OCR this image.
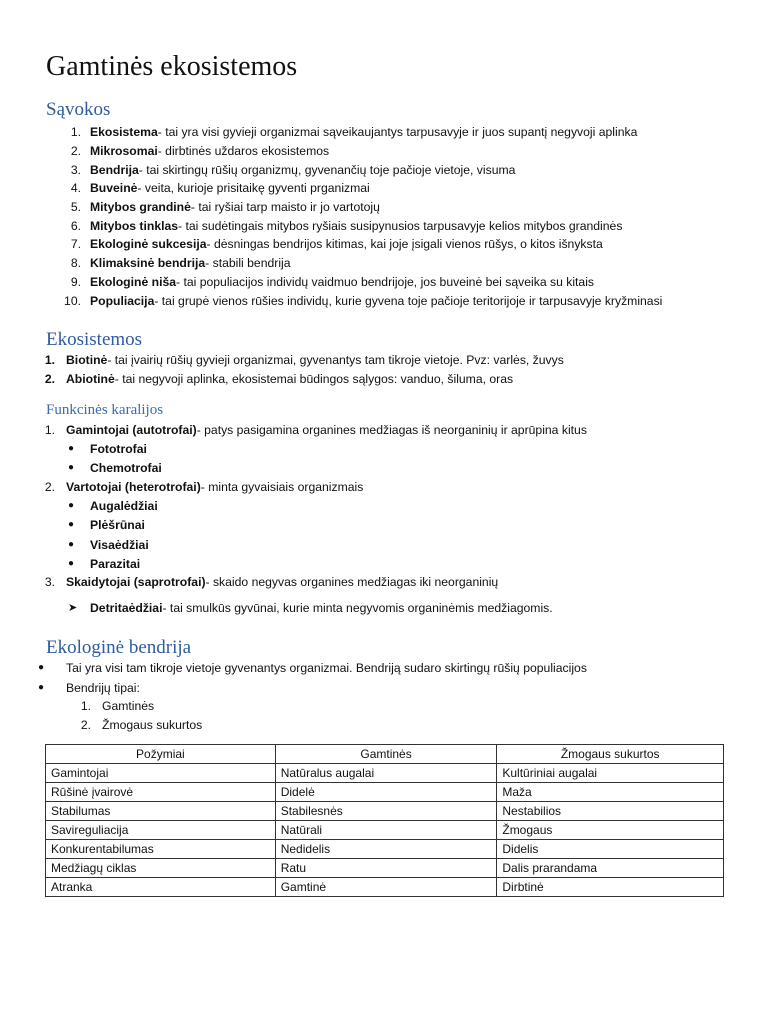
Gamtinės ekosistemos
Sąvokos
1. Ekosistema- tai yra visi gyvieji organizmai sąveikaujantys tarpusavyje ir juos supantį negyvoji aplinka
2. Mikrosomai- dirbtinės uždaros ekosistemos
3. Bendrija- tai skirtingų rūšių organizmų, gyvenančių toje pačioje vietoje, visuma
4. Buveinė- veita, kurioje prisitaikę gyventi prganizmai
5. Mitybos grandinė- tai ryšiai tarp maisto ir jo vartotojų
6. Mitybos tinklas- tai sudėtingais mitybos ryšiais susipynusios tarpusavyje kelios mitybos grandinės
7. Ekologinė sukcesija- dėsningas bendrijos kitimas, kai joje įsigali vienos rūšys, o kitos išnyksta
8. Klimaksinė bendrija- stabili bendrija
9. Ekologinė niša- tai populiacijos individų vaidmuo bendrijoje, jos buveinė bei sąveika su kitais
10. Populiacija- tai grupė vienos rūšies individų, kurie gyvena toje pačioje teritorijoje ir tarpusavyje kryžminasi
Ekosistemos
1. Biotinė- tai įvairių rūšių gyvieji organizmai, gyvenantys tam tikroje vietoje. Pvz: varlės, žuvys
2. Abiotinė- tai negyvoji aplinka, ekosistemai būdingos sąlygos: vanduo, šiluma, oras
Funkcinės karalijos
1. Gamintojai (autotrofai)- patys pasigamina organines medžiagas iš neorganinių ir aprūpina kitus
● Fototrofai
● Chemotrofai
2. Vartotojai (heterotrofai)- minta gyvaisiais organizmais
● Augalėdžiai
● Plėšrūnai
● Visaėdžiai
● Parazitai
3. Skaidytojai (saprotrofai)- skaido negyvas organines medžiagas iki neorganinių
➤ Detritaėdžiai- tai smulkūs gyvūnai, kurie minta negyvomis organinėmis medžiagomis.
Ekologinė bendrija
● Tai yra visi tam tikroje vietoje gyvenantys organizmai. Bendriją sudaro skirtingų rūšių populiacijos
● Bendrijų tipai:
1. Gamtinės
2. Žmogaus sukurtos
Požymiai	Gamtinės	Žmogaus sukurtos
Gamintojai	Natūralus augalai	Kultūriniai augalai
Rūšinė įvairovė	Didelė	Maža
Stabilumas	Stabilesnės	Nestabilios
Savireguliacija	Natūrali	Žmogaus
Konkurentabilumas	Nedidelis	Didelis
Medžiagų ciklas	Ratu	Dalis prarandama
Atranka	Gamtinė	Dirbtinė
